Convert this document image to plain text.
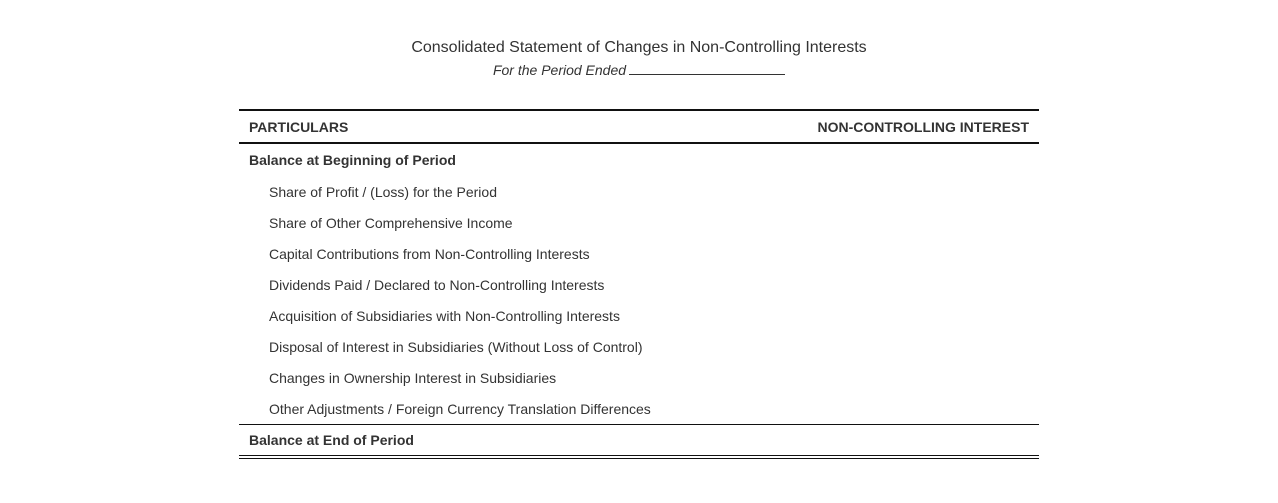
Consolidated Statement of Changes in Non-Controlling Interests
For the Period Ended
PARTICULARS	NON-CONTROLLING INTEREST
Balance at Beginning of Period
Share of Profit / (Loss) for the Period
Share of Other Comprehensive Income
Capital Contributions from Non-Controlling Interests
Dividends Paid / Declared to Non-Controlling Interests
Acquisition of Subsidiaries with Non-Controlling Interests
Disposal of Interest in Subsidiaries (Without Loss of Control)
Changes in Ownership Interest in Subsidiaries
Other Adjustments / Foreign Currency Translation Differences
Balance at End of Period
